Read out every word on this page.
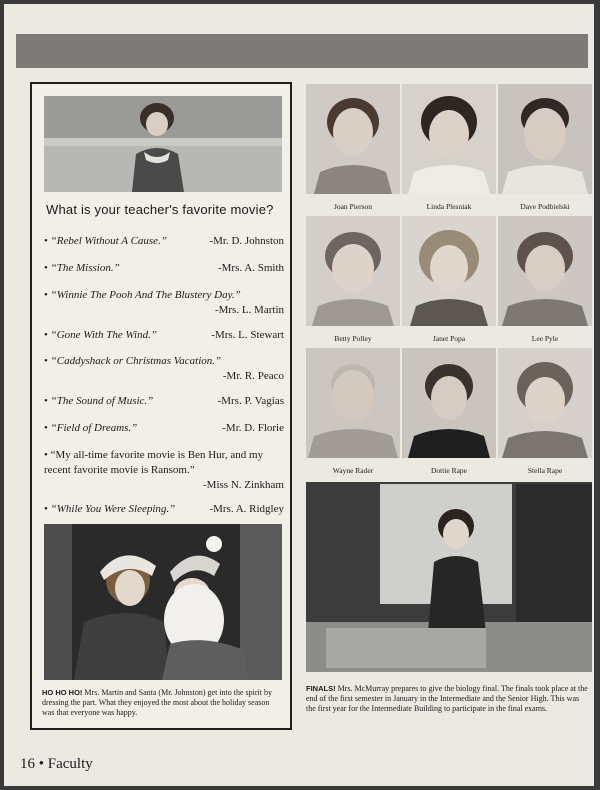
What is your teacher's favorite movie?
• “Rebel Without A Cause.”	-Mr. D. Johnston
• “The Mission.”	-Mrs. A. Smith
• “Winnie The Pooh And The Blustery Day.”
-Mrs. L. Martin
• “Gone With The Wind.”	-Mrs. L. Stewart
• “Caddyshack or Christmas Vacation.”
-Mr. R. Peaco
• “The Sound of Music.”	-Mrs. P. Vagias
• “Field of Dreams.”	-Mr. D. Florie
• “My all-time favorite movie is Ben Hur, and my recent favorite movie is Ransom.”
-Miss N. Zinkham
• “While You Were Sleeping.”	-Mrs. A. Ridgley
HO HO HO! Mrs. Martin and Santa (Mr. Johnston) get into the spirit by dressing the part. What they enjoyed the most about the holiday season was that everyone was happy.
Joan Pierson	Linda Plesniak	Dave Podbielski
Betty Polley	Janet Popa	Lee Pyle
Wayne Rader	Dottie Rape	Stella Rape
FINALS! Mrs. McMurray prepares to give the biology final. The finals took place at the end of the first semester in January in the Intermediate and the Senior High. This was the first year for the Intermediate Building to participate in the final exams.
16 • Faculty
